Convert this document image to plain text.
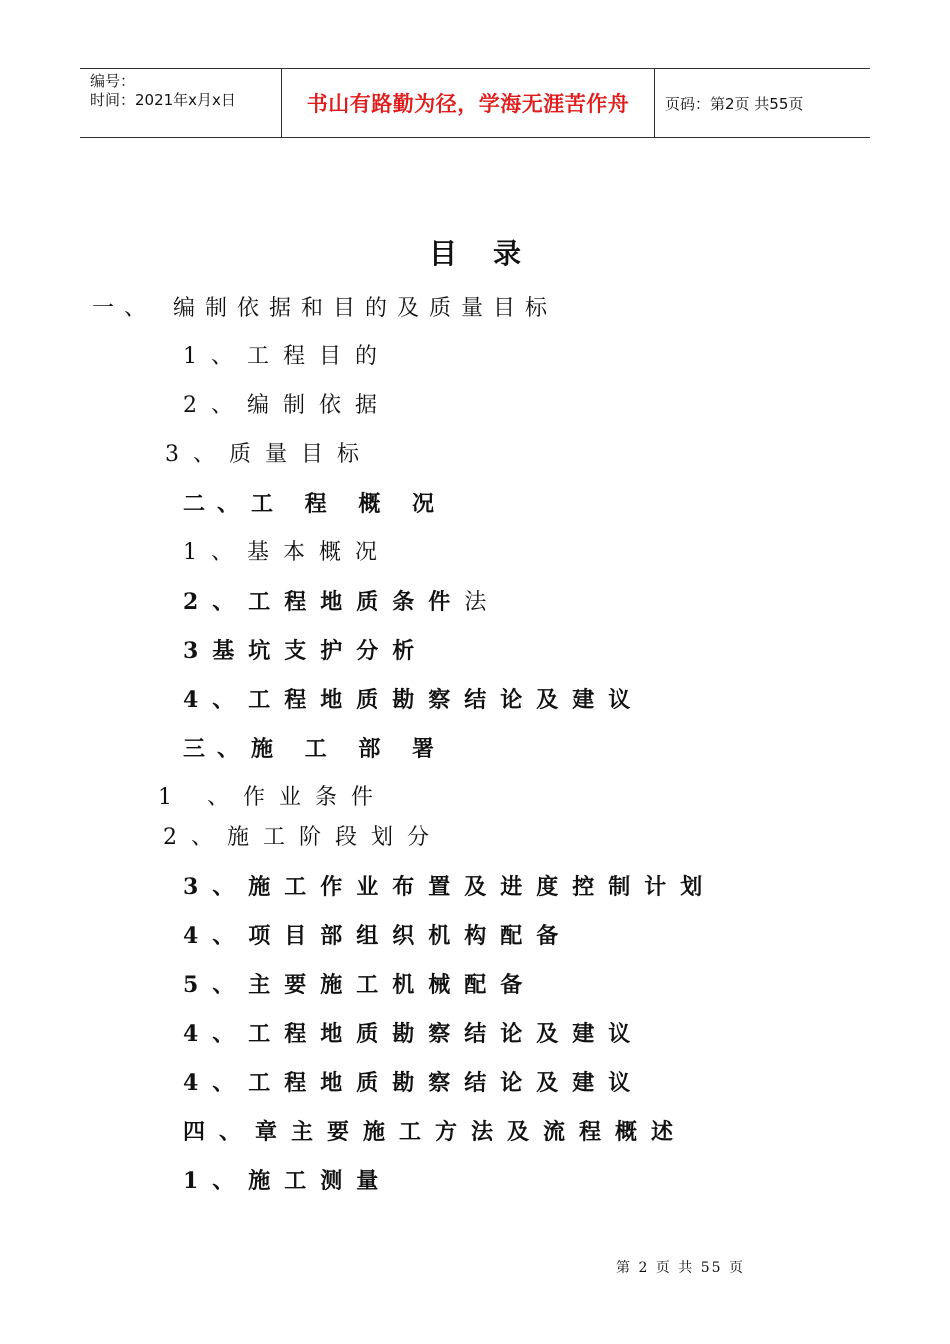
编号：
时间：2021年x月x日	书山有路勤为径，学海无涯苦作舟 页码：第2页 共55页
目录
一、 编制依据和目的及质量目标
1、工程目的
2、编制依据
3、质量目标
二、工 程 概 况
1、基本概况
2、工程地质条件法
3基坑支护分析
4、工程地质勘察结论及建议
三、施 工 部 署
1 、作业条件
2、施工阶段划分
3、施工作业布置及进度控制计划
4、项目部组织机构配备
5、主要施工机械配备
4、工程地质勘察结论及建议
4、工程地质勘察结论及建议
四、章主要施工方法及流程概述
1、施工测量
第 2 页 共 55 页
